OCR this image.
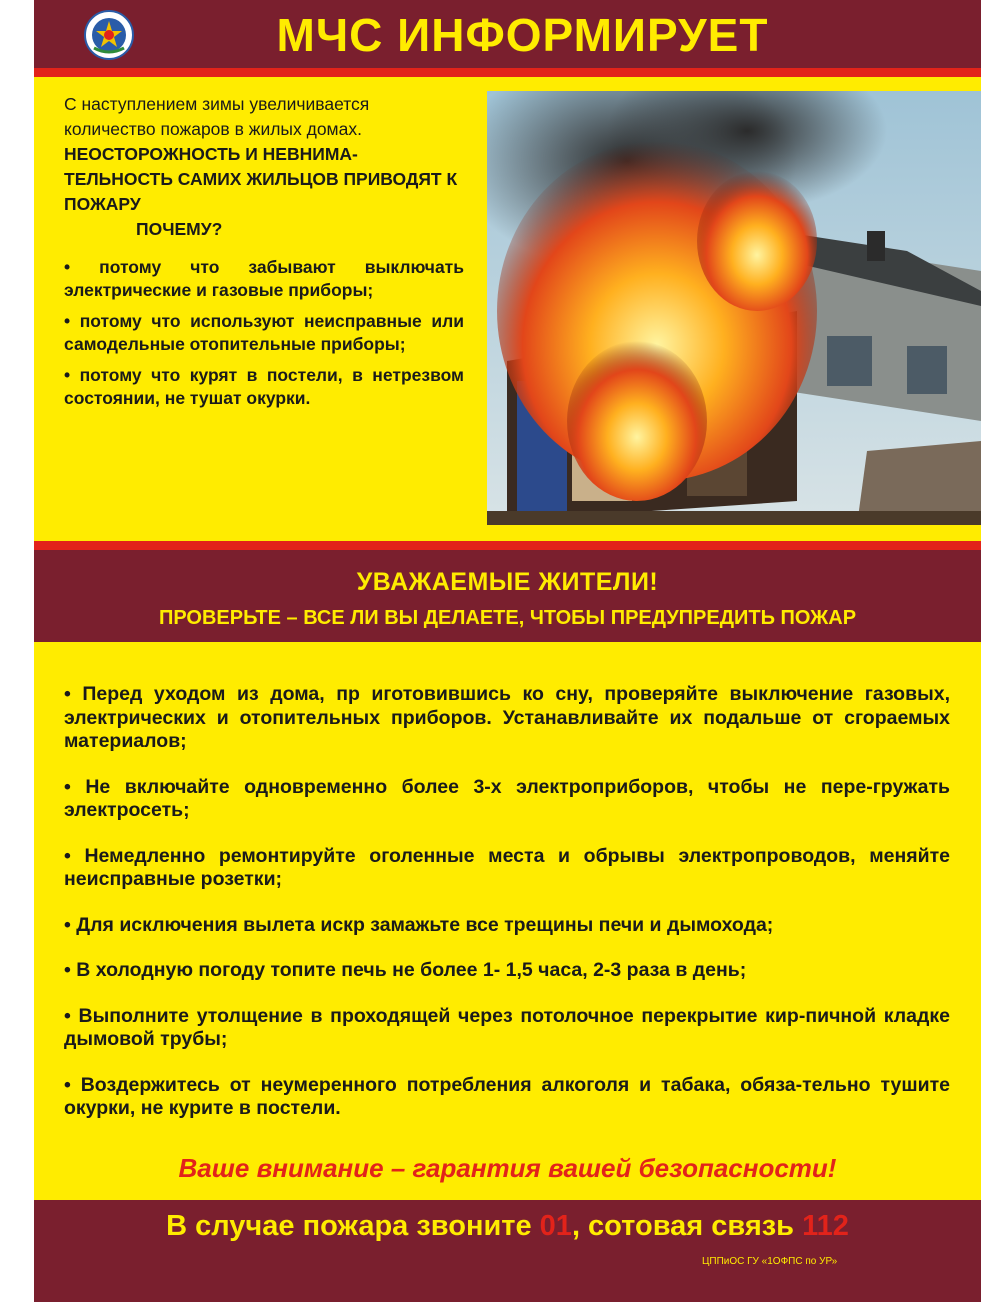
МЧС ИНФОРМИРУЕТ

С наступлением зимы увеличивается количество пожаров в жилых домах.

НЕОСТОРОЖНОСТЬ И НЕВНИМА-ТЕЛЬНОСТЬ САМИХ ЖИЛЬЦОВ ПРИВОДЯТ К ПОЖАРУ

ПОЧЕМУ?

• потому что забывают выключать электрические и газовые приборы;

• потому что используют неисправные или самодельные отопительные приборы;

• потому что курят в постели, в нетрезвом состоянии, не тушат окурки.

УВАЖАЕМЫЕ ЖИТЕЛИ!
ПРОВЕРЬТЕ – ВСЕ ЛИ ВЫ ДЕЛАЕТЕ, ЧТОБЫ ПРЕДУПРЕДИТЬ ПОЖАР

• Перед уходом из дома, пр иготовившись ко сну, проверяйте выключение газовых, электрических и отопительных приборов. Устанавливайте их подальше от сгораемых материалов;

• Не включайте одновременно более 3-х электроприборов, чтобы не пере-гружать электросеть;

• Немедленно ремонтируйте оголенные места и обрывы электропроводов, меняйте неисправные розетки;

• Для исключения вылета искр замажьте все трещины печи и дымохода;

• В холодную погоду топите печь не более 1- 1,5 часа, 2-3 раза в день;

• Выполните утолщение в проходящей через потолочное перекрытие кир-пичной кладке дымовой трубы;

• Воздержитесь от неумеренного потребления алкоголя и табака, обяза-тельно тушите окурки, не курите в постели.

Ваше внимание – гарантия вашей безопасности!
В случае пожара звоните 01, сотовая связь 112
ЦППиОС ГУ «1ОФПС по УР»
